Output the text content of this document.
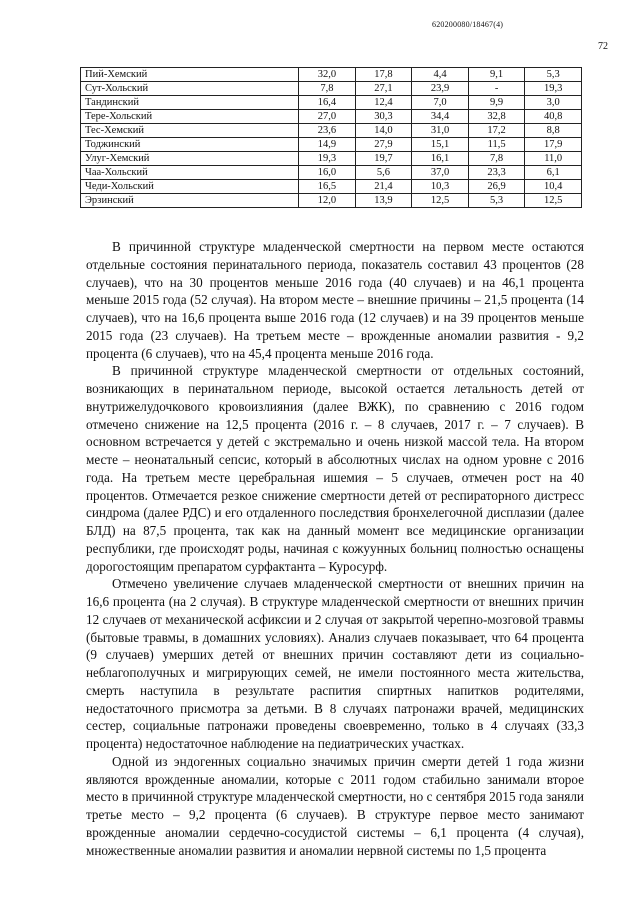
620200080/18467(4)
72
Пий-Хемский	32,0	17,8	4,4	9,1	5,3
Сут-Хольский	7,8	27,1	23,9	-	19,3
Тандинский	16,4	12,4	7,0	9,9	3,0
Тере-Хольский	27,0	30,3	34,4	32,8	40,8
Тес-Хемский	23,6	14,0	31,0	17,2	8,8
Тоджинский	14,9	27,9	15,1	11,5	17,9
Улуг-Хемский	19,3	19,7	16,1	7,8	11,0
Чаа-Хольский	16,0	5,6	37,0	23,3	6,1
Чеди-Хольский	16,5	21,4	10,3	26,9	10,4
Эрзинский	12,0	13,9	12,5	5,3	12,5

В причинной структуре младенческой смертности на первом месте остаются отдельные состояния перинатального периода, показатель составил 43 процентов (28 случаев), что на 30 процентов меньше 2016 года (40 случаев) и на 46,1 процента меньше 2015 года (52 случая). На втором месте – внешние причины – 21,5 процента (14 случаев), что на 16,6 процента выше 2016 года (12 случаев) и на 39 процентов меньше 2015 года (23 случаев). На третьем месте – врожденные аномалии развития - 9,2 процента (6 случаев), что на 45,4 процента меньше 2016 года.

В причинной структуре младенческой смертности от отдельных состояний, возникающих в перинатальном периоде, высокой остается летальность детей от внутрижелудочкового кровоизлияния (далее ВЖК), по сравнению с 2016 годом отмечено снижение на 12,5 процента (2016 г. – 8 случаев, 2017 г. – 7 случаев). В основном встречается у детей с экстремально и очень низкой массой тела. На втором месте – неонатальный сепсис, который в абсолютных числах на одном уровне с 2016 года. На третьем месте церебральная ишемия – 5 случаев, отмечен рост на 40 процентов. Отмечается резкое снижение смертности детей от респираторного дистресс синдрома (далее РДС) и его отдаленного последствия бронхелегочной дисплазии (далее БЛД) на 87,5 процента, так как на данный момент все медицинские организации республики, где происходят роды, начиная с кожуунных больниц полностью оснащены дорогостоящим препаратом сурфактанта – Куросурф.

Отмечено увеличение случаев младенческой смертности от внешних причин на 16,6 процента (на 2 случая). В структуре младенческой смертности от внешних причин 12 случаев от механической асфиксии и 2 случая от закрытой черепно-мозговой травмы (бытовые травмы, в домашних условиях). Анализ случаев показывает, что 64 процента (9 случаев) умерших детей от внешних причин составляют дети из социально-неблагополучных и мигрирующих семей, не имели постоянного места жительства, смерть наступила в результате распития спиртных напитков родителями, недостаточного присмотра за детьми. В 8 случаях патронажи врачей, медицинских сестер, социальные патронажи проведены своевременно, только в 4 случаях (33,3 процента) недостаточное наблюдение на педиатрических участках.

Одной из эндогенных социально значимых причин смерти детей 1 года жизни являются врожденные аномалии, которые с 2011 годом стабильно занимали второе место в причинной структуре младенческой смертности, но с сентября 2015 года заняли третье место – 9,2 процента (6 случаев). В структуре первое место занимают врожденные аномалии сердечно-сосудистой системы – 6,1 процента (4 случая), множественные аномалии развития и аномалии нервной системы по 1,5 процента
